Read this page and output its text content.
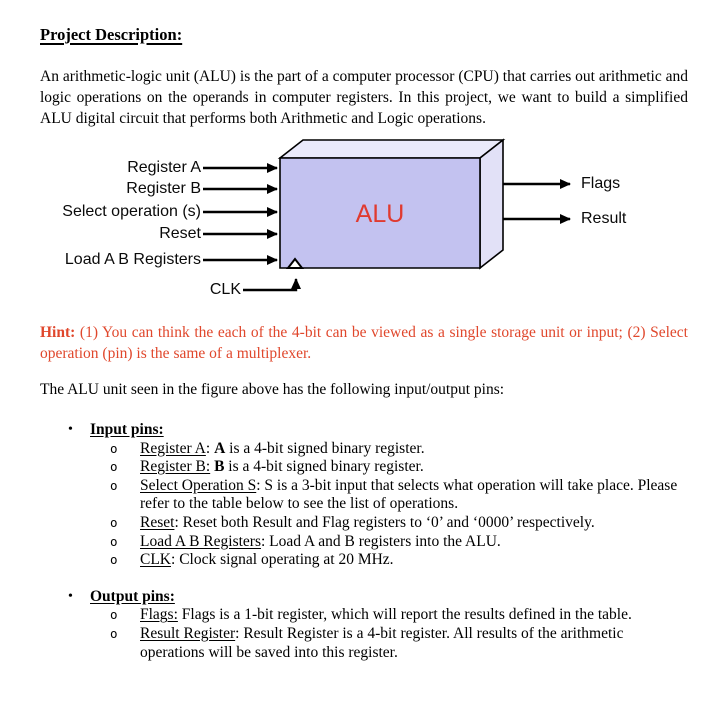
Project Description:

An arithmetic-logic unit (ALU) is the part of a computer processor (CPU) that carries out arithmetic and logic operations on the operands in computer registers. In this project, we want to build a simplified ALU digital circuit that performs both Arithmetic and Logic operations.

ALU
Register A
Register B
Select operation (s)
Reset
Load A B Registers
CLK
Flags
Result

Hint: (1) You can think the each of the 4-bit can be viewed as a single storage unit or input; (2) Select operation (pin) is the same of a multiplexer.

The ALU unit seen in the figure above has the following input/output pins:

•	Input pins:
o	Register A: A is a 4-bit signed binary register.
o	Register B: B is a 4-bit signed binary register.
o	Select Operation S: S is a 3-bit input that selects what operation will take place. Please refer to the table below to see the list of operations.
o	Reset: Reset both Result and Flag registers to ‘0’ and ‘0000’ respectively.
o	Load A B Registers: Load A and B registers into the ALU.
o	CLK: Clock signal operating at 20 MHz.
•	Output pins:
o	Flags: Flags is a 1-bit register, which will report the results defined in the table.
o	Result Register: Result Register is a 4-bit register. All results of the arithmetic operations will be saved into this register.
